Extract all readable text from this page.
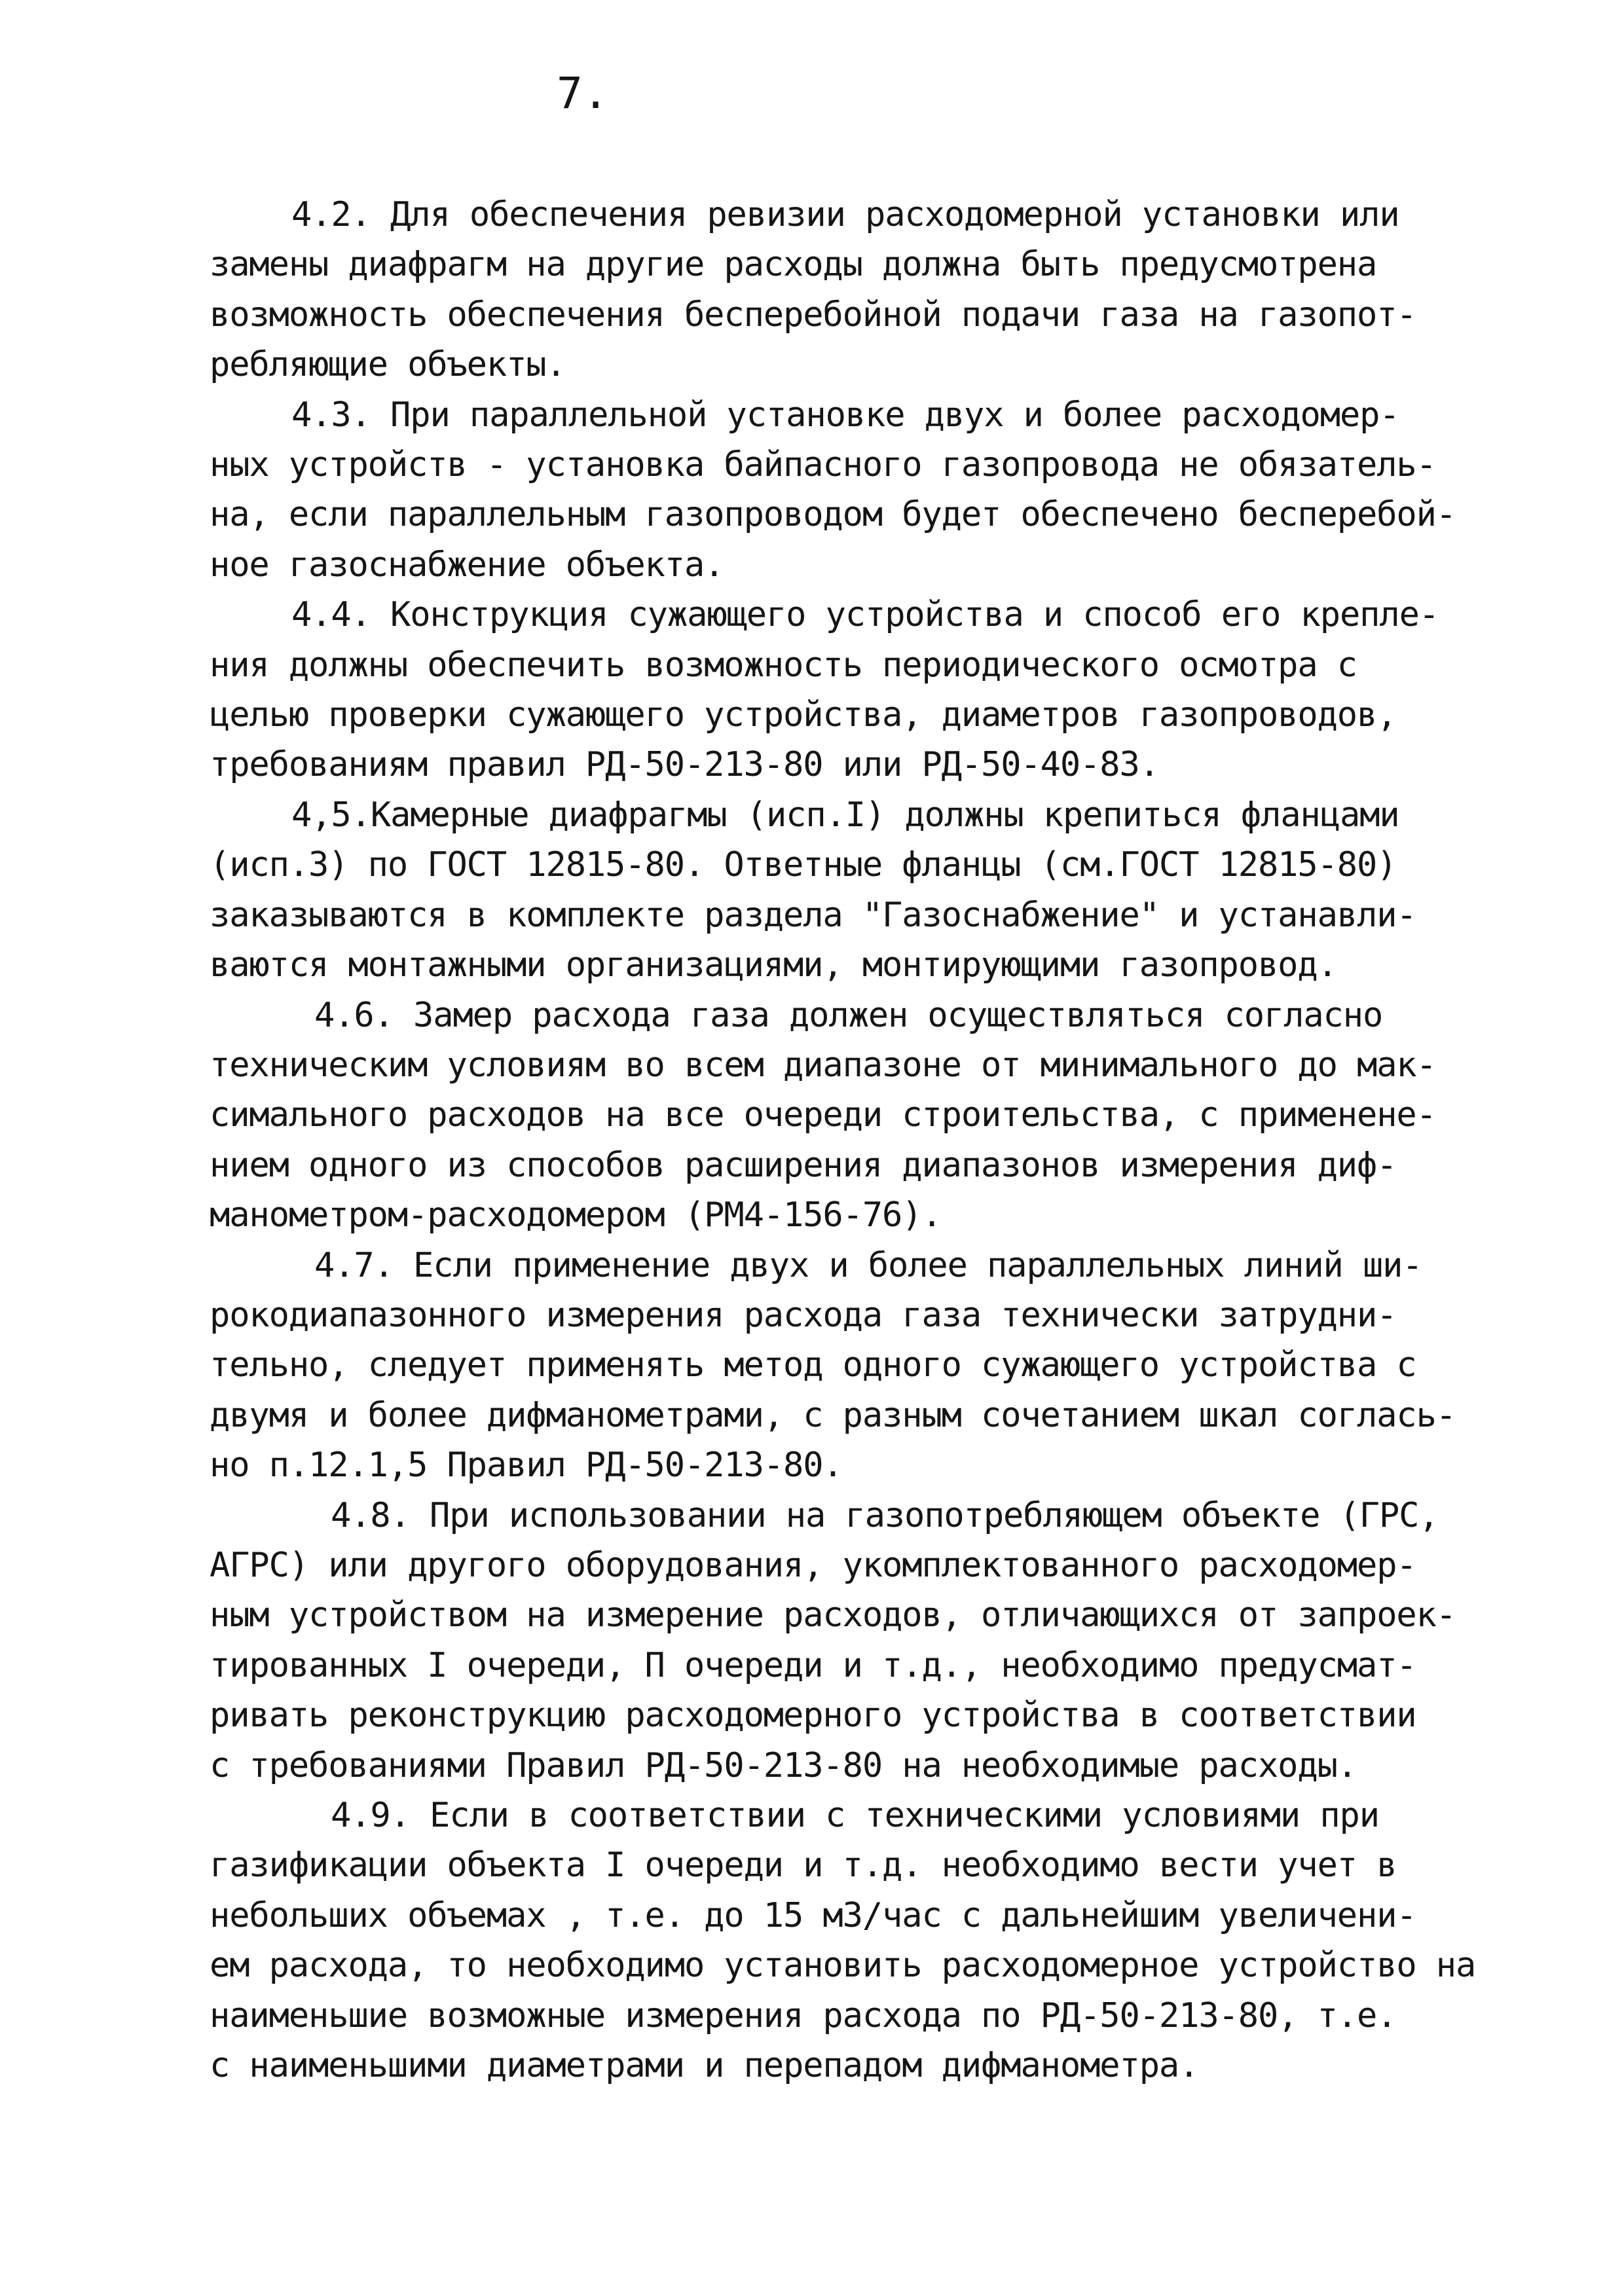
7.
4.2. Для обеспечения ревизии расходомерной установки или
замены диафрагм на другие расходы должна быть предусмотрена
возможность обеспечения бесперебойной подачи газа на газопот-
ребляющие объекты.
4.3. При параллельной установке двух и более расходомер-
ных устройств - установка байпасного газопровода не обязатель-
на, если параллельным газопроводом будет обеспечено бесперебой-
ное газоснабжение объекта.
4.4. Конструкция сужающего устройства и способ его крепле-
ния должны обеспечить возможность периодического осмотра с
целью проверки сужающего устройства, диаметров газопроводов,
требованиям правил РД-50-213-80 или РД-50-40-83.
4,5.Камерные диафрагмы (исп.I) должны крепиться фланцами
(исп.3) по ГОСТ 12815-80. Ответные фланцы (см.ГОСТ 12815-80)
заказываются в комплекте раздела "Газоснабжение" и устанавли-
ваются монтажными организациями, монтирующими газопровод.
4.6. Замер расхода газа должен осуществляться согласно
техническим условиям во всем диапазоне от минимального до мак-
симального расходов на все очереди строительства, с применене-
нием одного из способов расширения диапазонов измерения диф-
манометром-расходомером (РМ4-156-76).
4.7. Если применение двух и более параллельных линий ши-
рокодиапазонного измерения расхода газа технически затрудни-
тельно, следует применять метод одного сужающего устройства с
двумя и более дифманометрами, с разным сочетанием шкал соглась-
но п.12.1,5 Правил РД-50-213-80.
4.8. При использовании на газопотребляющем объекте (ГРС,
АГРС) или другого оборудования, укомплектованного расходомер-
ным устройством на измерение расходов, отличающихся от запроек-
тированных I очереди, П очереди и т.д., необходимо предусмат-
ривать реконструкцию расходомерного устройства в соответствии
с требованиями Правил РД-50-213-80 на необходимые расходы.
4.9. Если в соответствии с техническими условиями при
газификации объекта I очереди и т.д. необходимо вести учет в
небольших объемах , т.е. до 15 м3/час с дальнейшим увеличени-
ем расхода, то необходимо установить расходомерное устройство на
наименьшие возможные измерения расхода по РД-50-213-80, т.е.
с наименьшими диаметрами и перепадом дифманометра.
